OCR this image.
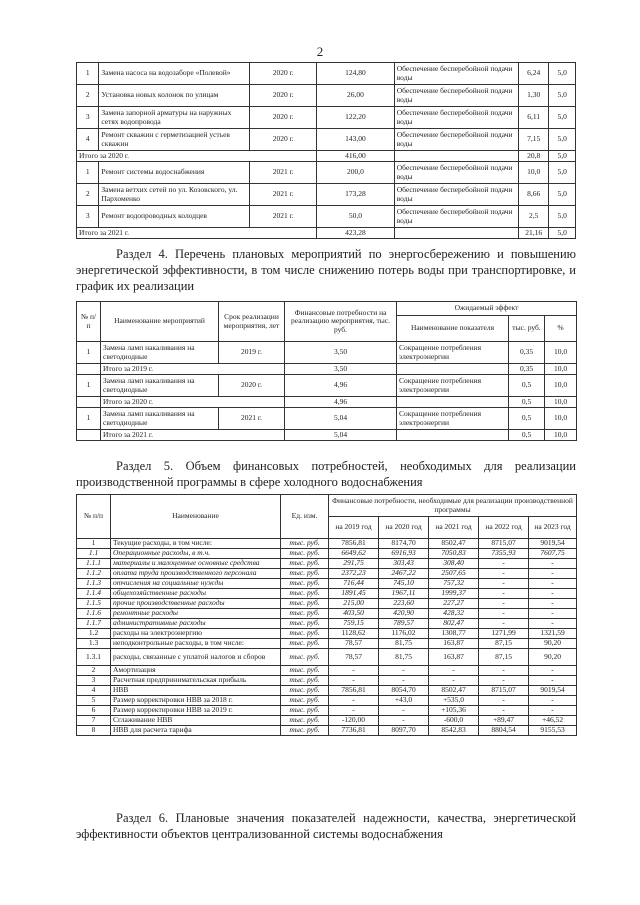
2
1	Замена насоса на водозаборе «Полевой»	2020 г.	124,80	Обеспечение бесперебойной подачи воды	6,24	5,0
2	Установка новых колонок по улицам	2020 г.	26,00	Обеспечение бесперебойной подачи воды	1,30	5,0
3	Замена запорной арматуры на наружных сетях водопровода	2020 г.	122,20	Обеспечение бесперебойной подачи воды	6,11	5,0
4	Ремонт скважин с герметизацией устьев скважин	2020 г.	143,00	Обеспечение бесперебойной подачи воды	7,15	5,0
Итого за 2020 г.			416,00		20,8	5,0
1	Ремонт системы водоснабжения	2021 г.	200,0	Обеспечение бесперебойной подачи воды	10,0	5,0
2	Замена ветхих сетей по ул. Козовского, ул. Пархоменко	2021 г.	173,28	Обеспечение бесперебойной подачи воды	8,66	5,0
3	Ремонт водопроводных колодцев	2021 г.	50,0	Обеспечение бесперебойной подачи воды	2,5	5,0
Итого за 2021 г.			423,28		21,16	5,0
Раздел 4. Перечень плановых мероприятий по энергосбережению и повышению энергетической эффективности, в том числе снижению потерь воды при транспортировке, и график их реализации
№ п/ п	Наименование мероприятий	Срок реализации мероприятия, лет	Финансовые потребности на реализацию мероприятия, тыс. руб.	Ожидаемый эффект		
				Наименование показателя	тыс. руб.	%
1	Замена ламп накаливания на светодиодные	2019 г.	3,50	Сокращение потребления электроэнергии	0,35	10,0
	Итого за 2019 г.		3,50		0,35	10,0
1	Замена ламп накаливания на светодиодные	2020 г.	4,96	Сокращение потребления электроэнергии	0,5	10,0
	Итого за 2020 г.		4,96		0,5	10,0
1	Замена ламп накаливания на светодиодные	2021 г.	5,04	Сокращение потребления электроэнергии	0,5	10,0
	Итого за 2021 г.		5,04		0,5	10,0
Раздел 5. Объем финансовых потребностей, необходимых для реализации производственной программы в сфере холодного водоснабжения
№ п/п	Наименование	Ед. изм.	Финансовые потребности, необходимые для реализации производственной программы				
			на 2019 год	на 2020 год	на 2021 год	на 2022 год	на 2023 год
1	Текущие расходы, в том числе:	тыс. руб.	7856,81	8174,70	8502,47	8715,07	9019,54
1.1	Операционные расходы, в т.ч.	тыс. руб.	6649,62	6916,93	7050,83	7355,93	7607,75
1.1.1	материалы и малоценные основные средства	тыс. руб.	291,75	303,43	308,40	-	-
1.1.2	оплата труда производственного персонала	тыс. руб.	2372,23	2467,22	2507,65	-	-
1.1.3	отчисления на социальные нужды	тыс. руб.	716,44	745,10	757,32	-	-
1.1.4	общехозяйственные расходы	тыс. руб.	1891,45	1967,11	1999,37	-	-
1.1.5	прочие производственные расходы	тыс. руб.	215,00	223,60	227,27	-	-
1.1.6	ремонтные расходы	тыс. руб.	403,50	420,90	428,32	-	-
1.1.7	административные расходы	тыс. руб.	759,15	789,57	802,47	-	-
1.2	расходы на электроэнергию	тыс. руб.	1128,62	1176,02	1308,77	1271,99	1321,59
1.3	неподконтрольные расходы, в том числе:	тыс. руб.	78,57	81,75	163,87	87,15	90,20
1.3.1	расходы, связанные с уплатой налогов и сборов	тыс. руб.	78,57	81,75	163,87	87,15	90,20
2	Амортизация	тыс. руб.	-	-	-	-	-
3	Расчетная предпринимательская прибыль	тыс. руб.	-	-	-	-	-
4	НВВ	тыс. руб.	7856,81	8054,70	8502,47	8715,07	9019,54
5	Размер корректировки НВВ за 2018 г.	тыс. руб.	-	+43,0	+535,0	-	-
6	Размер корректировки НВВ за 2019 г.	тыс. руб.	-	-	+105,36	-	-
7	Сглаживание НВВ	тыс. руб.	-120,00	-	-600,0	+89,47	+46,52
8	НВВ для расчета тарифа	тыс. руб.	7736,81	8097,70	8542,83	8804,54	9155,53
Раздел 6. Плановые значения показателей надежности, качества, энергетической эффективности объектов централизованной системы водоснабжения
